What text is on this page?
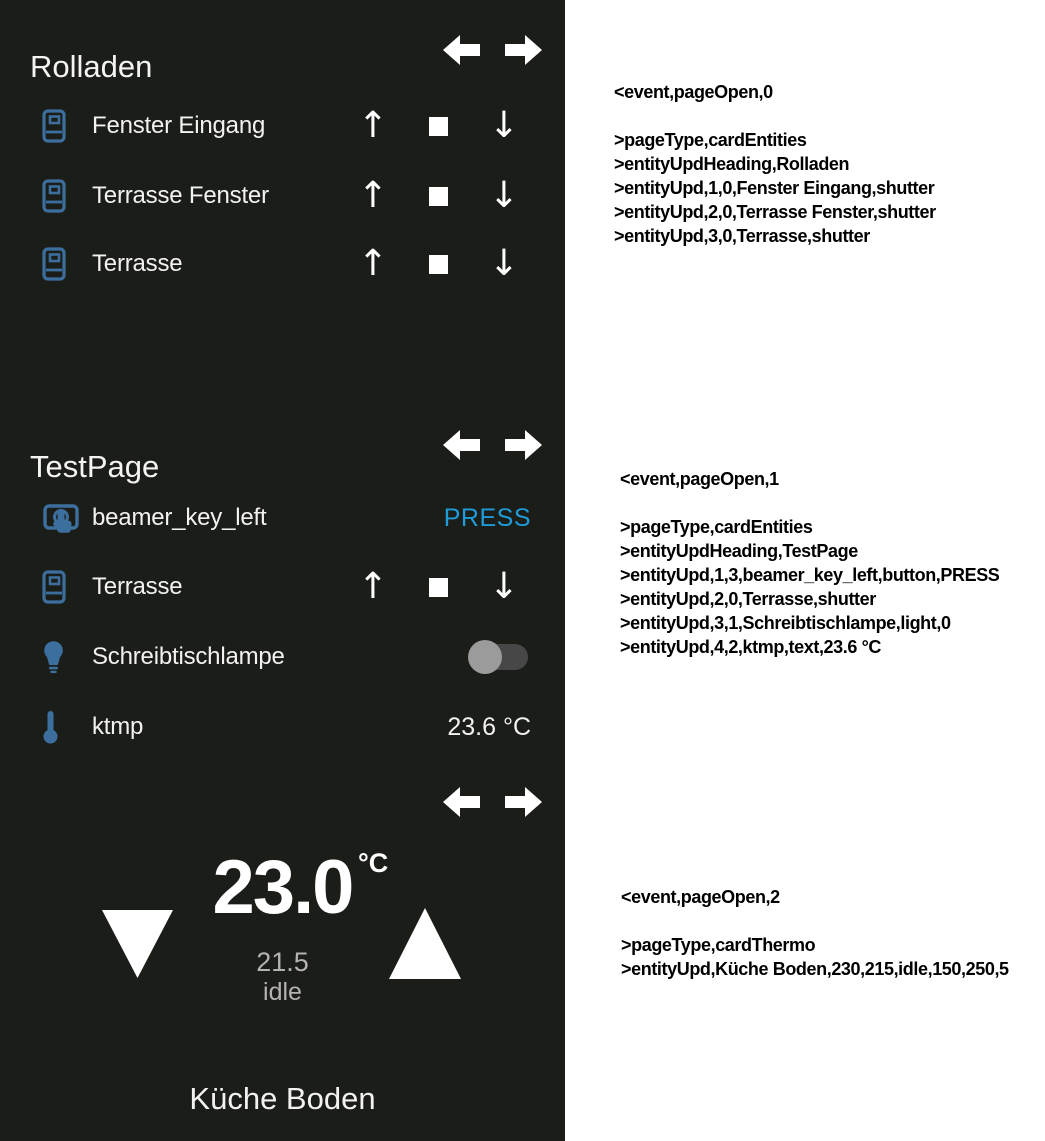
Rolladen
Fenster Eingang	↑	↓
Terrasse Fenster ↑	↓
Terrasse	↑	↓
TestPage
beamer_key_left	PRESS
Terrasse	↑	↓
Schreibtischlampe
ktmp	23.6 °C
23.0 °C
21.5
idle
Küche Boden
<event,pageOpen,0
>pageType,cardEntities
>entityUpdHeading,Rolladen
>entityUpd,1,0,Fenster Eingang,shutter
>entityUpd,2,0,Terrasse Fenster,shutter
>entityUpd,3,0,Terrasse,shutter
<event,pageOpen,1
>pageType,cardEntities
>entityUpdHeading,TestPage
>entityUpd,1,3,beamer_key_left,button,PRESS
>entityUpd,2,0,Terrasse,shutter
>entityUpd,3,1,Schreibtischlampe,light,0
>entityUpd,4,2,ktmp,text,23.6 °C
<event,pageOpen,2
>pageType,cardThermo
>entityUpd,Küche Boden,230,215,idle,150,250,5
